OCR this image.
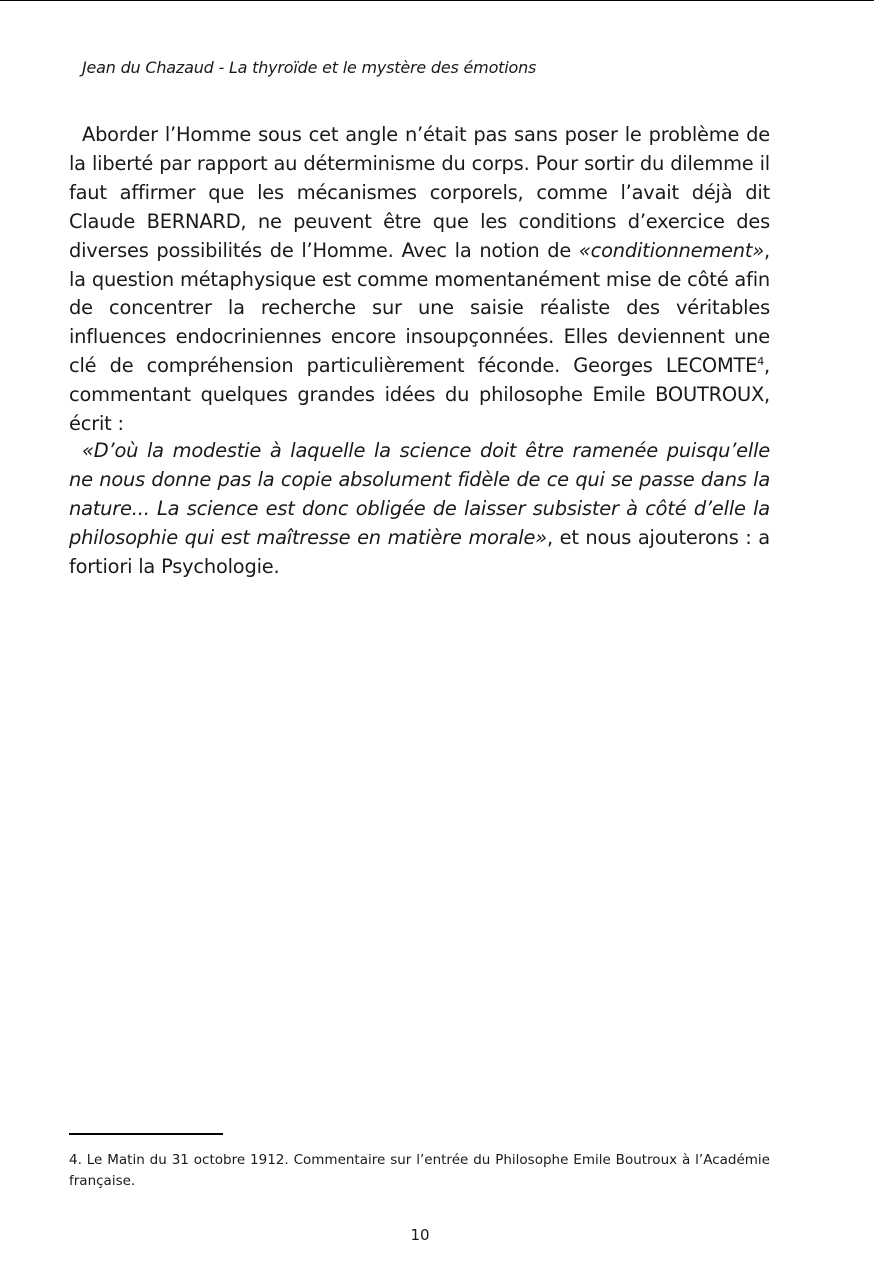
Jean du Chazaud - La thyroïde et le mystère des émotions

Aborder l’Homme sous cet angle n’était pas sans poser le problème de la liberté par rapport au déterminisme du corps. Pour sortir du dilemme il faut affirmer que les mécanismes corporels, comme l’avait déjà dit Claude BERNARD, ne peuvent être que les conditions d’exercice des diverses possibilités de l’Homme. Avec la notion de «conditionnement», la question métaphysique est comme momentanément mise de côté afin de concentrer la recherche sur une saisie réaliste des véritables influences endocriniennes encore insoupçonnées. Elles deviennent une clé de compréhension particulièrement féconde. Georges LECOMTE$^4$, commentant quelques grandes idées du philosophe Emile BOUTROUX, écrit :

«D’où la modestie à laquelle la science doit être ramenée puisqu’elle ne nous donne pas la copie absolument fidèle de ce qui se passe dans la nature... La science est donc obligée de laisser subsister à côté d’elle la philosophie qui est maîtresse en matière morale», et nous ajouterons : a fortiori la Psychologie.

4. Le Matin du 31 octobre 1912. Commentaire sur l’entrée du Philosophe Emile Boutroux à l’Académie française.

10
